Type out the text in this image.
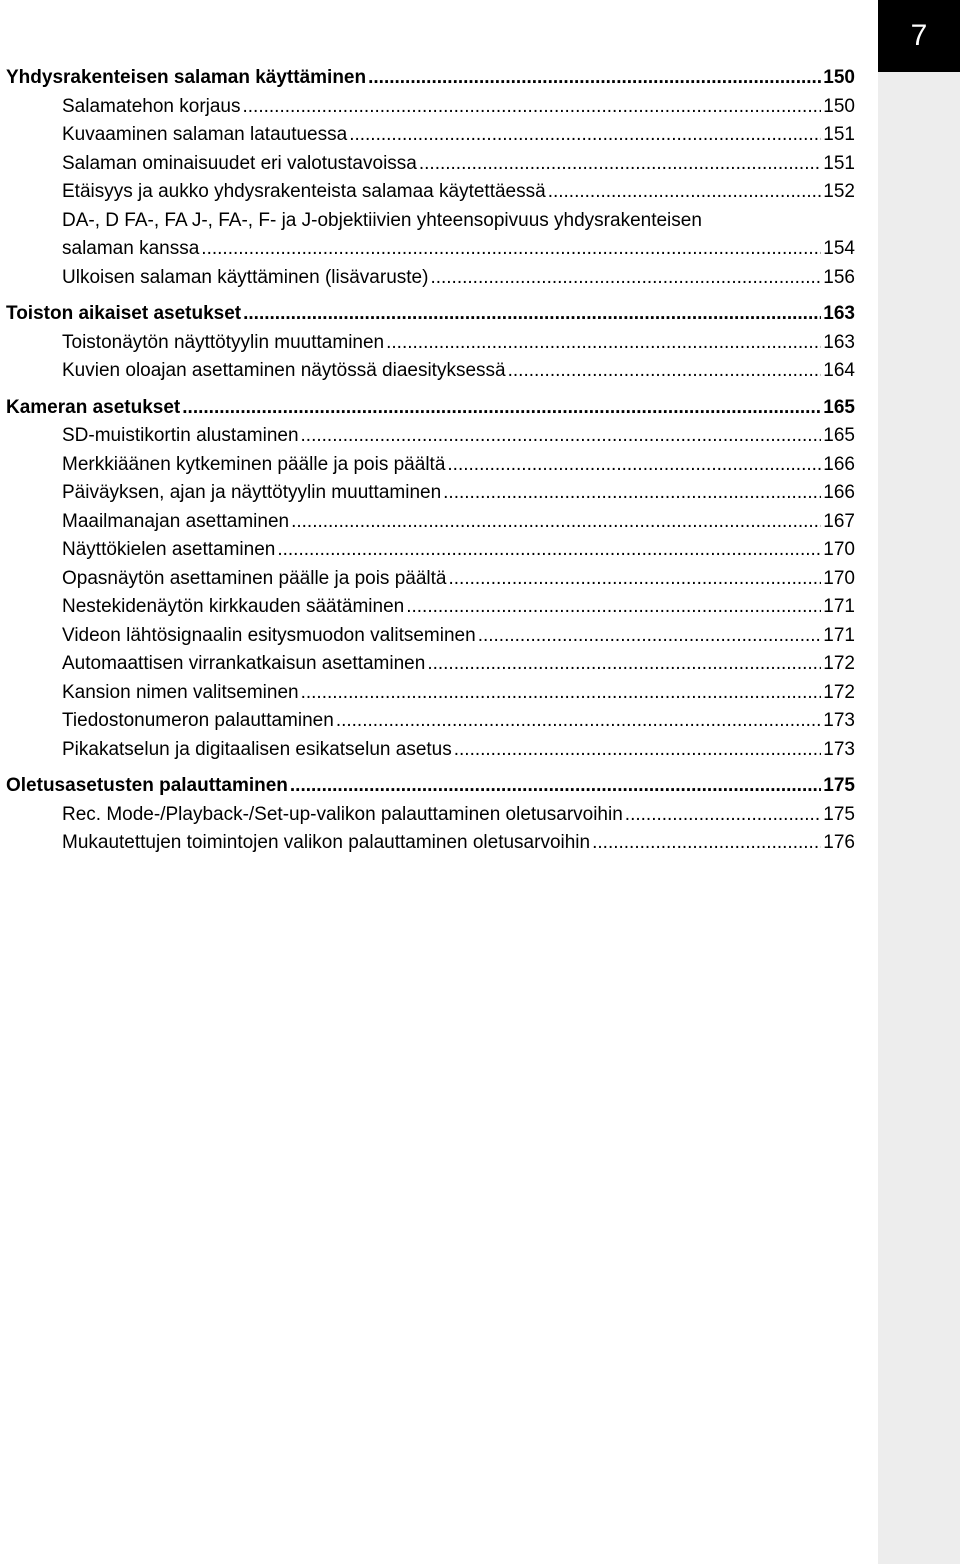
7
Yhdysrakenteisen salaman käyttäminen .....	150
Salamatehon korjaus .....	150
Kuvaaminen salaman latautuessa .....	151
Salaman ominaisuudet eri valotustavoissa .....	151
Etäisyys ja aukko yhdysrakenteista salamaa käytettäessä .....	152
DA-, D FA-, FA J-, FA-, F- ja J-objektiivien yhteensopivuus yhdysrakenteisen
salaman kanssa .....	154
Ulkoisen salaman käyttäminen (lisävaruste) .....	156
Toiston aikaiset asetukset .....	163
Toistonäytön näyttötyylin muuttaminen .....	163
Kuvien oloajan asettaminen näytössä diaesityksessä .....	164
Kameran asetukset .....	165
SD-muistikortin alustaminen .....	165
Merkkiäänen kytkeminen päälle ja pois päältä .....	166
Päiväyksen, ajan ja näyttötyylin muuttaminen .....	166
Maailmanajan asettaminen .....	167
Näyttökielen asettaminen .....	170
Opasnäytön asettaminen päälle ja pois päältä .....	170
Nestekidenäytön kirkkauden säätäminen .....	171
Videon lähtösignaalin esitysmuodon valitseminen .....	171
Automaattisen virrankatkaisun asettaminen .....	172
Kansion nimen valitseminen .....	172
Tiedostonumeron palauttaminen .....	173
Pikakatselun ja digitaalisen esikatselun asetus .....	173
Oletusasetusten palauttaminen .....	175
Rec. Mode-/Playback-/Set-up-valikon palauttaminen oletusarvoihin .....	175
Mukautettujen toimintojen valikon palauttaminen oletusarvoihin .....	176
